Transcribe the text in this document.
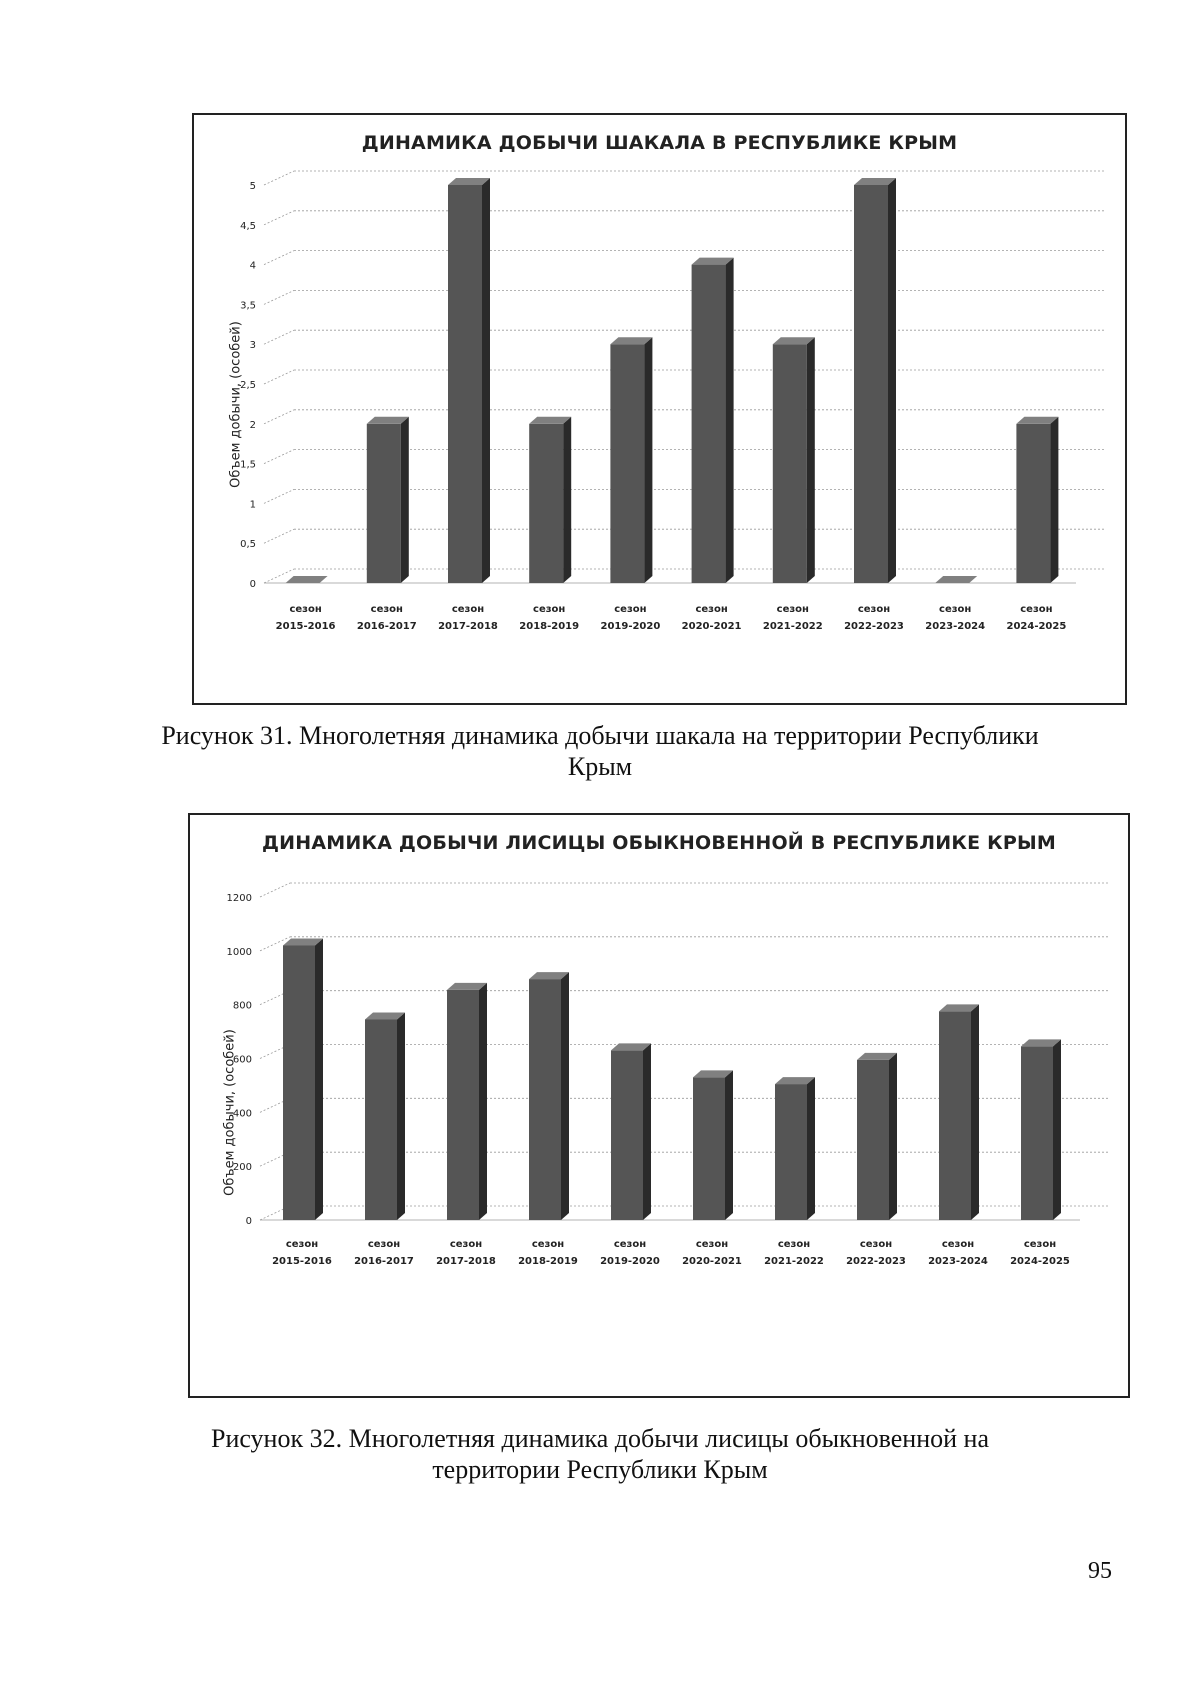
ДИНАМИКА ДОБЫЧИ ШАКАЛА В РЕСПУБЛИКЕ КРЫМ
Объем добычи, (особей)
0
0,5
1
1,5
2
2,5
3
3,5
4
4,5
5
сезон
2015-2016
сезон
2016-2017
сезон
2017-2018
сезон
2018-2019
сезон
2019-2020
сезон
2020-2021
сезон
2021-2022
сезон
2022-2023
сезон
2023-2024
сезон
2024-2025
Рисунок 31. Многолетняя динамика добычи шакала на территории Республики Крым
ДИНАМИКА ДОБЫЧИ ЛИСИЦЫ ОБЫКНОВЕННОЙ В РЕСПУБЛИКЕ КРЫМ
Объем добычи, (особей)
0
200
400
600
800
1000
1200
сезон
2015-2016
сезон
2016-2017
сезон
2017-2018
сезон
2018-2019
сезон
2019-2020
сезон
2020-2021
сезон
2021-2022
сезон
2022-2023
сезон
2023-2024
сезон
2024-2025
Рисунок 32. Многолетняя динамика добычи лисицы обыкновенной на территории Республики Крым
95
